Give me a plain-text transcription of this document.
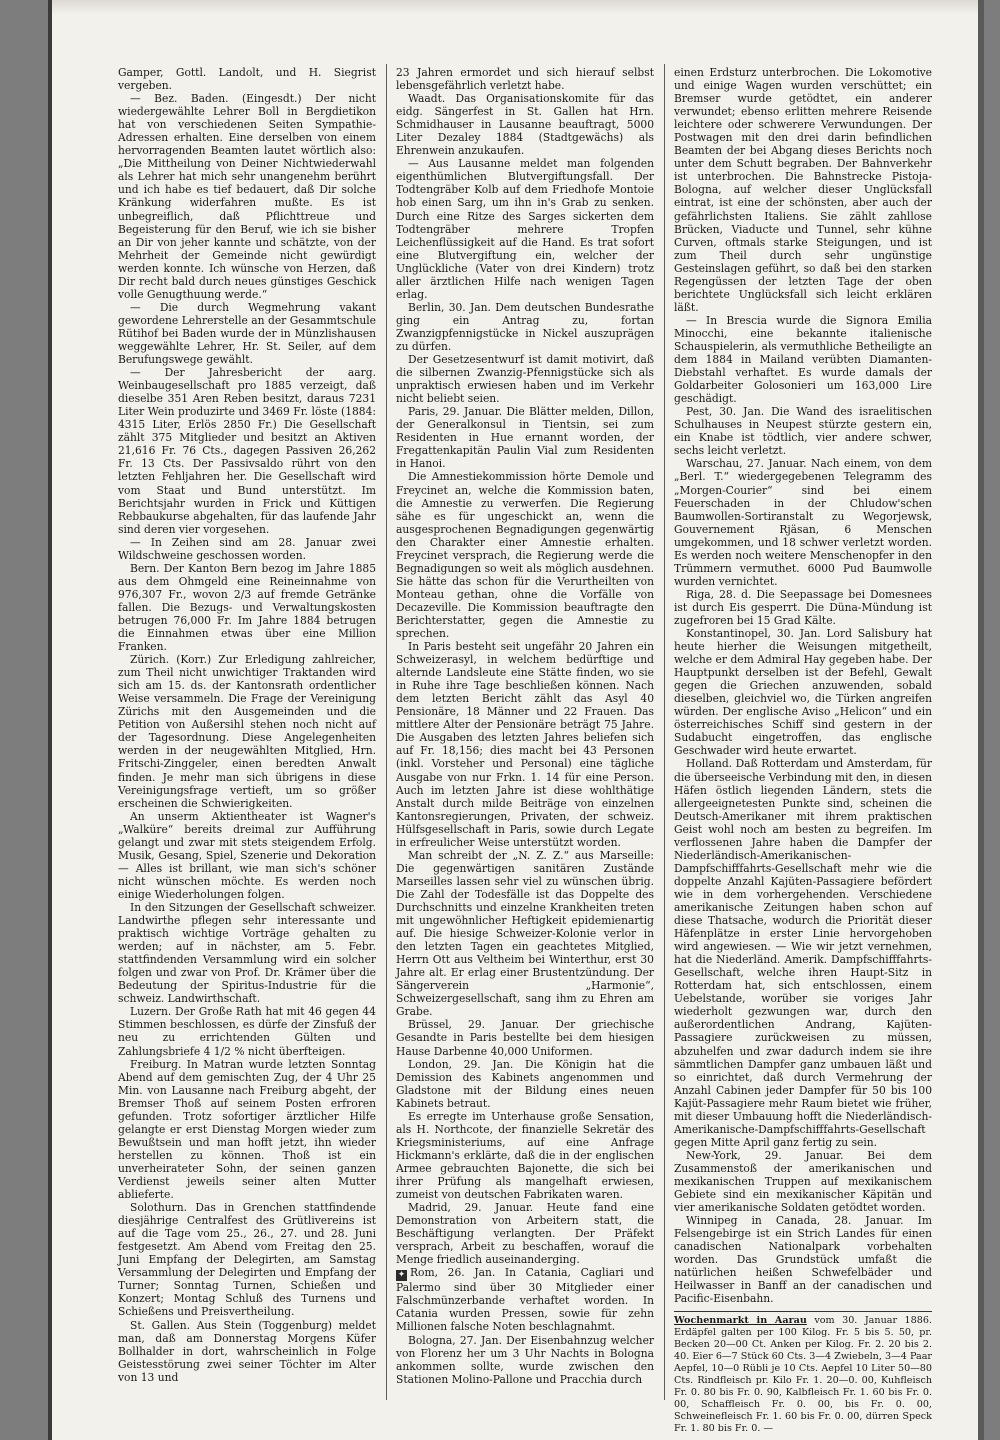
Gamper, Gottl. Landolt, und H. Siegrist vergeben.

— Bez. Baden. (Eingesdt.) Der nicht wiedergewählte Lehrer Boll in Bergdietikon hat von verschiedenen Seiten Sympathie-Adressen erhalten. Eine derselben von einem hervorragenden Beamten lautet wörtlich also: „Die Mittheilung von Deiner Nichtwiederwahl als Lehrer hat mich sehr unangenehm berührt und ich habe es tief bedauert, daß Dir solche Kränkung widerfahren mußte. Es ist unbegreiflich, daß Pflichttreue und Begeisterung für den Beruf, wie ich sie bisher an Dir von jeher kannte und schätzte, von der Mehrheit der Gemeinde nicht gewürdigt werden konnte. Ich wünsche von Herzen, daß Dir recht bald durch neues günstiges Geschick volle Genugthuung werde.“

— Die durch Wegmehrung vakant gewordene Lehrerstelle an der Gesammtschule Rütihof bei Baden wurde der in Münzlishausen weggewählte Lehrer, Hr. St. Seiler, auf dem Berufungswege gewählt.

— Der Jahresbericht der aarg. Weinbaugesellschaft pro 1885 verzeigt, daß dieselbe 351 Aren Reben besitzt, daraus 7231 Liter Wein produzirte und 3469 Fr. löste (1884: 4315 Liter, Erlös 2850 Fr.) Die Gesellschaft zählt 375 Mitglieder und besitzt an Aktiven 21,616 Fr. 76 Cts., dagegen Passiven 26,262 Fr. 13 Cts. Der Passivsaldo rührt von den letzten Fehljahren her. Die Gesellschaft wird vom Staat und Bund unterstützt. Im Berichtsjahr wurden in Frick und Küttigen Rebbaukurse abgehalten, für das laufende Jahr sind deren vier vorgesehen.

— In Zeihen sind am 28. Januar zwei Wildschweine geschossen worden.

Bern. Der Kanton Bern bezog im Jahre 1885 aus dem Ohmgeld eine Reineinnahme von 976,307 Fr., wovon 2/3 auf fremde Getränke fallen. Die Bezugs- und Verwaltungskosten betrugen 76,000 Fr. Im Jahre 1884 betrugen die Einnahmen etwas über eine Million Franken.

Zürich. (Korr.) Zur Erledigung zahlreicher, zum Theil nicht unwichtiger Traktanden wird sich am 15. ds. der Kantonsrath ordentlicher Weise versammeln. Die Frage der Vereinigung Zürichs mit den Ausgemeinden und die Petition von Außersihl stehen noch nicht auf der Tagesordnung. Diese Angelegenheiten werden in der neugewählten Mitglied, Hrn. Fritschi-Zinggeler, einen beredten Anwalt finden. Je mehr man sich übrigens in diese Vereinigungsfrage vertieft, um so größer erscheinen die Schwierigkeiten.

An unserm Aktientheater ist Wagner's „Walküre“ bereits dreimal zur Aufführung gelangt und zwar mit stets steigendem Erfolg. Musik, Gesang, Spiel, Szenerie und Dekoration — Alles ist brillant, wie man sich's schöner nicht wünschen möchte. Es werden noch einige Wiederholungen folgen.

In den Sitzungen der Gesellschaft schweizer. Landwirthe pflegen sehr interessante und praktisch wichtige Vorträge gehalten zu werden; auf in nächster, am 5. Febr. stattfindenden Versammlung wird ein solcher folgen und zwar von Prof. Dr. Krämer über die Bedeutung der Spiritus-Industrie für die schweiz. Landwirthschaft.

Luzern. Der Große Rath hat mit 46 gegen 44 Stimmen beschlossen, es dürfe der Zinsfuß der neu zu errichtenden Gülten und Zahlungsbriefe 4 1/2 % nicht überfteigen.

Freiburg. In Matran wurde letzten Sonntag Abend auf dem gemischten Zug, der 4 Uhr 25 Min. von Lausanne nach Freiburg abgeht, der Bremser Thoß auf seinem Posten erfroren gefunden. Trotz sofortiger ärztlicher Hilfe gelangte er erst Dienstag Morgen wieder zum Bewußtsein und man hofft jetzt, ihn wieder herstellen zu können. Thoß ist ein unverheirateter Sohn, der seinen ganzen Verdienst jeweils seiner alten Mutter ablieferte.

Solothurn. Das in Grenchen stattfindende diesjährige Centralfest des Grütlivereins ist auf die Tage vom 25., 26., 27. und 28. Juni festgesetzt. Am Abend vom Freitag den 25. Juni Empfang der Delegirten, am Samstag Versammlung der Delegirten und Empfang der Turner; Sonntag Turnen, Schießen und Konzert; Montag Schluß des Turnens und Schießens und Preisvertheilung.

St. Gallen. Aus Stein (Toggenburg) meldet man, daß am Donnerstag Morgens Küfer Bollhalder in dort, wahrscheinlich in Folge Geistesstörung zwei seiner Töchter im Alter von 13 und

23 Jahren ermordet und sich hierauf selbst lebensgefährlich verletzt habe.

Waadt. Das Organisationskomite für das eidg. Sängerfest in St. Gallen hat Hrn. Schmidhauser in Lausanne beauftragt, 5000 Liter Dezaley 1884 (Stadtgewächs) als Ehrenwein anzukaufen.

— Aus Lausanne meldet man folgenden eigenthümlichen Blutvergiftungsfall. Der Todtengräber Kolb auf dem Friedhofe Montoie hob einen Sarg, um ihn in's Grab zu senken. Durch eine Ritze des Sarges sickerten dem Todtengräber mehrere Tropfen Leichenflüssigkeit auf die Hand. Es trat sofort eine Blutvergiftung ein, welcher der Unglückliche (Vater von drei Kindern) trotz aller ärztlichen Hilfe nach wenigen Tagen erlag.

Berlin, 30. Jan. Dem deutschen Bundesrathe ging ein Antrag zu, fortan Zwanzigpfennigstücke in Nickel auszuprägen zu dürfen.

Der Gesetzesentwurf ist damit motivirt, daß die silbernen Zwanzig-Pfennigstücke sich als unpraktisch erwiesen haben und im Verkehr nicht beliebt seien.

Paris, 29. Januar. Die Blätter melden, Dillon, der Generalkonsul in Tientsin, sei zum Residenten in Hue ernannt worden, der Fregattenkapitän Paulin Vial zum Residenten in Hanoi.

Die Amnestiekommission hörte Demole und Freycinet an, welche die Kommission baten, die Amnestie zu verwerfen. Die Regierung sähe es für ungeschickt an, wenn die ausgesprochenen Begnadigungen gegenwärtig den Charakter einer Amnestie erhalten. Freycinet versprach, die Regierung werde die Begnadigungen so weit als möglich ausdehnen. Sie hätte das schon für die Verurtheilten von Monteau gethan, ohne die Vorfälle von Decazeville. Die Kommission beauftragte den Berichterstatter, gegen die Amnestie zu sprechen.

In Paris besteht seit ungefähr 20 Jahren ein Schweizerasyl, in welchem bedürftige und alternde Landsleute eine Stätte finden, wo sie in Ruhe ihre Tage beschließen können. Nach dem letzten Bericht zählt das Asyl 40 Pensionäre, 18 Männer und 22 Frauen. Das mittlere Alter der Pensionäre beträgt 75 Jahre. Die Ausgaben des letzten Jahres beliefen sich auf Fr. 18,156; dies macht bei 43 Personen (inkl. Vorsteher und Personal) eine tägliche Ausgabe von nur Frkn. 1. 14 für eine Person. Auch im letzten Jahre ist diese wohlthätige Anstalt durch milde Beiträge von einzelnen Kantonsregierungen, Privaten, der schweiz. Hülfsgesellschaft in Paris, sowie durch Legate in erfreulicher Weise unterstützt worden.

Man schreibt der „N. Z. Z.“ aus Marseille: Die gegenwärtigen sanitären Zustände Marseilles lassen sehr viel zu wünschen übrig. Die Zahl der Todesfälle ist das Doppelte des Durchschnitts und einzelne Krankheiten treten mit ungewöhnlicher Heftigkeit epidemienartig auf. Die hiesige Schweizer-Kolonie verlor in den letzten Tagen ein geachtetes Mitglied, Herrn Ott aus Veltheim bei Winterthur, erst 30 Jahre alt. Er erlag einer Brustentzündung. Der Sängerverein „Harmonie“, Schweizergesellschaft, sang ihm zu Ehren am Grabe.

Brüssel, 29. Januar. Der griechische Gesandte in Paris bestellte bei dem hiesigen Hause Darbenne 40,000 Uniformen.

London, 29. Jan. Die Königin hat die Demission des Kabinets angenommen und Gladstone mit der Bildung eines neuen Kabinets betraut.

Es erregte im Unterhause große Sensation, als H. Northcote, der finanzielle Sekretär des Kriegsministeriums, auf eine Anfrage Hickmann's erklärte, daß die in der englischen Armee gebrauchten Bajonette, die sich bei ihrer Prüfung als mangelhaft erwiesen, zumeist von deutschen Fabrikaten waren.

Madrid, 29. Januar. Heute fand eine Demonstration von Arbeitern statt, die Beschäftigung verlangten. Der Präfekt versprach, Arbeit zu beschaffen, worauf die Menge friedlich auseinanderging.

✦ Rom, 26. Jan. In Catania, Cagliari und Palermo sind über 30 Mitglieder einer Falschmünzerbande verhaftet worden. In Catania wurden Pressen, sowie für zehn Millionen falsche Noten beschlagnahmt.

Bologna, 27. Jan. Der Eisenbahnzug welcher von Florenz her um 3 Uhr Nachts in Bologna ankommen sollte, wurde zwischen den Stationen Molino-Pallone und Pracchia durch

einen Erdsturz unterbrochen. Die Lokomotive und einige Wagen wurden verschüttet; ein Bremser wurde getödtet, ein anderer verwundet; ebenso erlitten mehrere Reisende leichtere oder schwerere Verwundungen. Der Postwagen mit den drei darin befindlichen Beamten der bei Abgang dieses Berichts noch unter dem Schutt begraben. Der Bahnverkehr ist unterbrochen. Die Bahnstrecke Pistoja-Bologna, auf welcher dieser Unglücksfall eintrat, ist eine der schönsten, aber auch der gefährlichsten Italiens. Sie zählt zahllose Brücken, Viaducte und Tunnel, sehr kühne Curven, oftmals starke Steigungen, und ist zum Theil durch sehr ungünstige Gesteinslagen geführt, so daß bei den starken Regengüssen der letzten Tage der oben berichtete Unglücksfall sich leicht erklären läßt.

— In Brescia wurde die Signora Emilia Minocchi, eine bekannte italienische Schauspielerin, als vermuthliche Betheiligte an dem 1884 in Mailand verübten Diamanten-Diebstahl verhaftet. Es wurde damals der Goldarbeiter Golosonieri um 163,000 Lire geschädigt.

Pest, 30. Jan. Die Wand des israelitischen Schulhauses in Neupest stürzte gestern ein, ein Knabe ist tödtlich, vier andere schwer, sechs leicht verletzt.

Warschau, 27. Januar. Nach einem, von dem „Berl. T.“ wiedergegebenen Telegramm des „Morgen-Courier“ sind bei einem Feuerschaden in der Chludow'schen Baumwollen-Sortiranstalt zu Wegorjewsk, Gouvernement Rjäsan, 6 Menschen umgekommen, und 18 schwer verletzt worden. Es werden noch weitere Menschenopfer in den Trümmern vermuthet. 6000 Pud Baumwolle wurden vernichtet.

Riga, 28. d. Die Seepassage bei Domesnees ist durch Eis gesperrt. Die Düna-Mündung ist zugefroren bei 15 Grad Kälte.

Konstantinopel, 30. Jan. Lord Salisbury hat heute hierher die Weisungen mitgetheilt, welche er dem Admiral Hay gegeben habe. Der Hauptpunkt derselben ist der Befehl, Gewalt gegen die Griechen anzuwenden, sobald dieselben, gleichviel wo, die Türken angreifen würden. Der englische Aviso „Helicon“ und ein österreichisches Schiff sind gestern in der Sudabucht eingetroffen, das englische Geschwader wird heute erwartet.

Holland. Daß Rotterdam und Amsterdam, für die überseeische Verbindung mit den, in diesen Häfen östlich liegenden Ländern, stets die allergeeignetesten Punkte sind, scheinen die Deutsch-Amerikaner mit ihrem praktischen Geist wohl noch am besten zu begreifen. Im verflossenen Jahre haben die Dampfer der Niederländisch-Amerikanischen-Dampfschifffahrts-Gesellschaft mehr wie die doppelte Anzahl Kajüten-Passagiere befördert wie in dem vorhergehenden. Verschiedene amerikanische Zeitungen haben schon auf diese Thatsache, wodurch die Priorität dieser Häfenplätze in erster Linie hervorgehoben wird angewiesen. — Wie wir jetzt vernehmen, hat die Niederländ. Amerik. Dampfschifffahrts-Gesellschaft, welche ihren Haupt-Sitz in Rotterdam hat, sich entschlossen, einem Uebelstande, worüber sie voriges Jahr wiederholt gezwungen war, durch den außerordentlichen Andrang, Kajüten-Passagiere zurückweisen zu müssen, abzuhelfen und zwar dadurch indem sie ihre sämmtlichen Dampfer ganz umbauen läßt und so einrichtet, daß durch Vermehrung der Anzahl Cabinen jeder Dampfer für 50 bis 100 Kajüt-Passagiere mehr Raum bietet wie früher, mit dieser Umbauung hofft die Niederländisch-Amerikanische-Dampfschifffahrts-Gesellschaft gegen Mitte April ganz fertig zu sein.

New-York, 29. Januar. Bei dem Zusammenstoß der amerikanischen und mexikanischen Truppen auf mexikanischem Gebiete sind ein mexikanischer Käpitän und vier amerikanische Soldaten getödtet worden.

Winnipeg in Canada, 28. Januar. Im Felsengebirge ist ein Strich Landes für einen canadischen Nationalpark vorbehalten worden. Das Grundstück umfaßt die natürlichen heißen Schwefelbäder und Heilwasser in Banff an der canadischen und Pacific-Eisenbahn.

Wochenmarkt in Aarau vom 30. Januar 1886. Erdäpfel galten per 100 Kilog. Fr. 5 bis 5. 50, pr. Becken 20—00 Ct. Anken per Kilog. Fr. 2. 20 bis 2. 40. Eier 6—7 Stück 60 Cts. 3—4 Zwiebeln, 3—4 Paar Aepfel, 10—0 Rübli je 10 Cts. Aepfel 10 Liter 50—80 Cts. Rindfleisch pr. Kilo Fr. 1. 20—0. 00, Kuhfleisch Fr. 0. 80 bis Fr. 0. 90, Kalbfleisch Fr. 1. 60 bis Fr. 0. 00, Schaffleisch Fr. 0. 00, bis Fr. 0. 00, Schweinefleisch Fr. 1. 60 bis Fr. 0. 00, dürren Speck Fr. 1. 80 bis Fr. 0. —
